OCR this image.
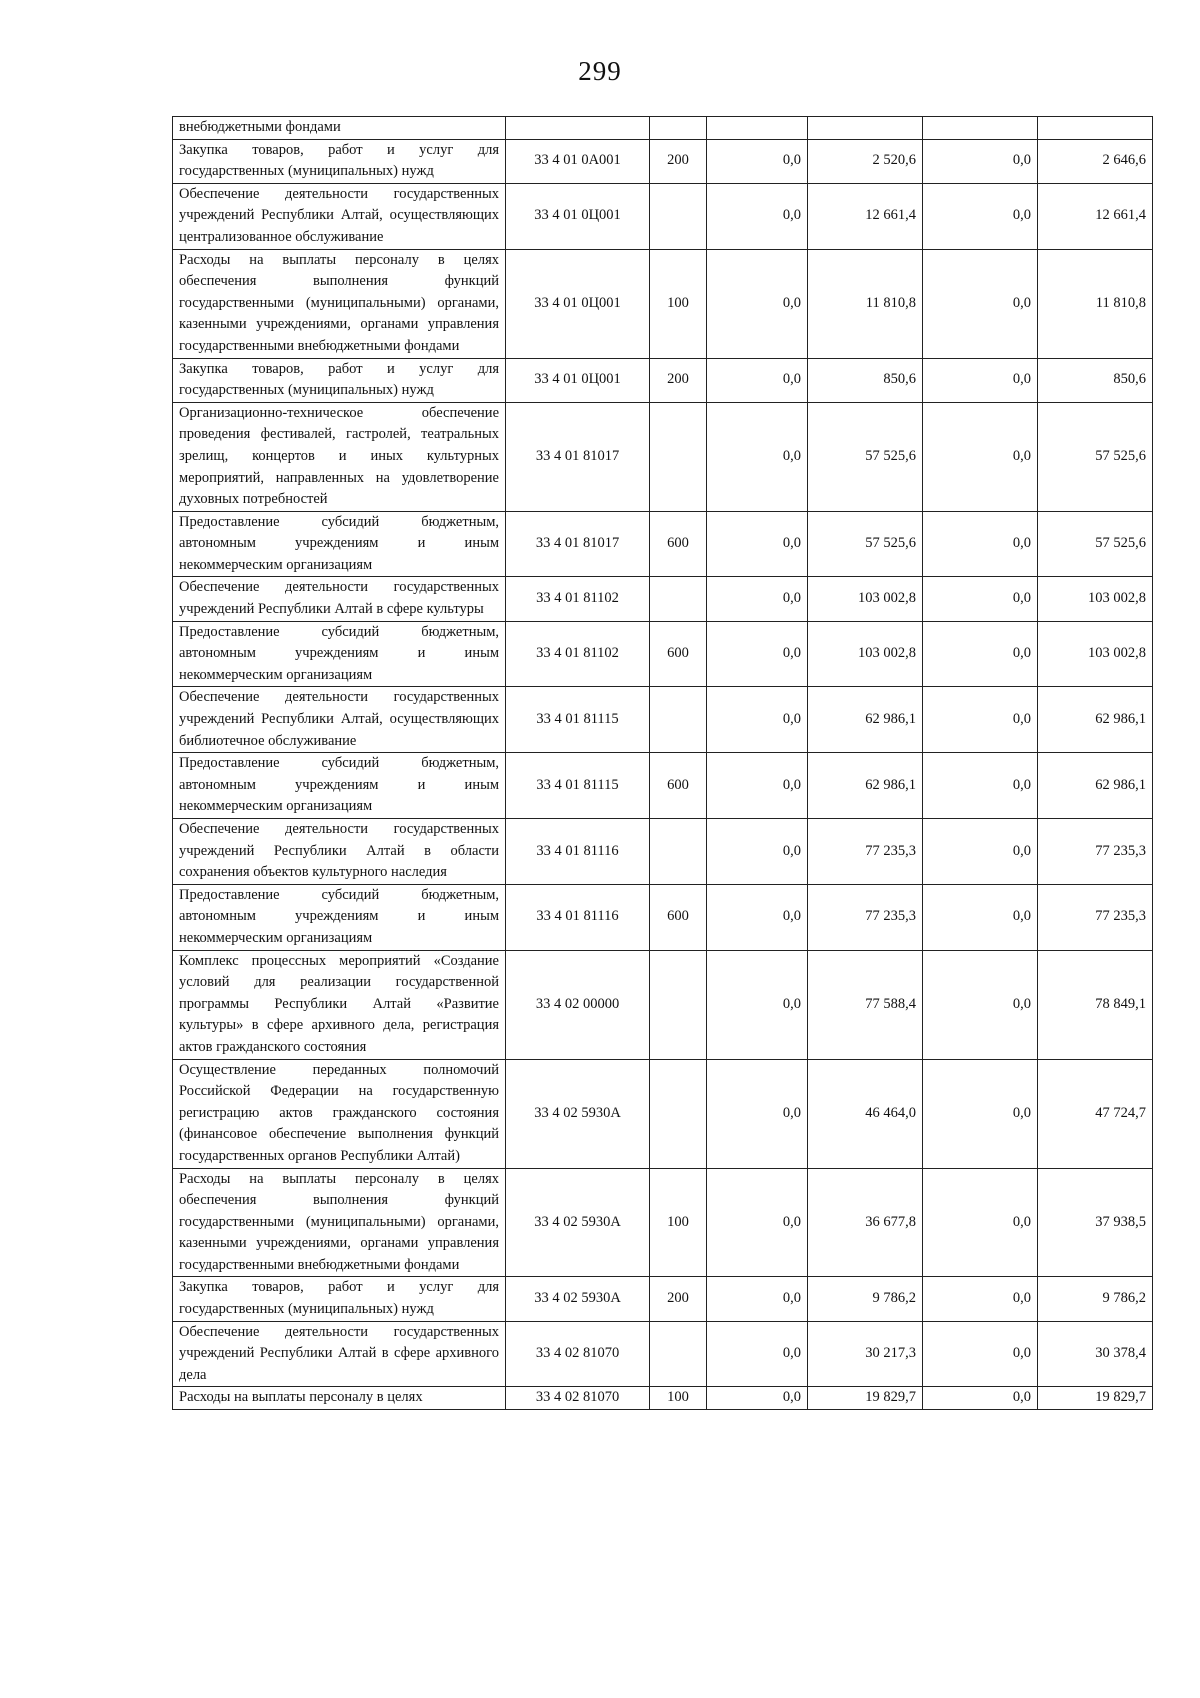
299
внебюджетными фондами						
Закупка товаров, работ и услуг для государственных (муниципальных) нужд	33 4 01 0А001	200	0,0	2 520,6	0,0	2 646,6
Обеспечение деятельности государственных учреждений Республики Алтай, осуществляющих централизованное обслуживание	33 4 01 0Ц001		0,0	12 661,4	0,0	12 661,4
Расходы на выплаты персоналу в целях обеспечения выполнения функций государственными (муниципальными) органами, казенными учреждениями, органами управления государственными внебюджетными фондами	33 4 01 0Ц001	100	0,0	11 810,8	0,0	11 810,8
Закупка товаров, работ и услуг для государственных (муниципальных) нужд	33 4 01 0Ц001	200	0,0	850,6	0,0	850,6
Организационно-техническое обеспечение проведения фестивалей, гастролей, театральных зрелищ, концертов и иных культурных мероприятий, направленных на удовлетворение духовных потребностей	33 4 01 81017		0,0	57 525,6	0,0	57 525,6
Предоставление субсидий бюджетным, автономным учреждениям и иным некоммерческим организациям	33 4 01 81017	600	0,0	57 525,6	0,0	57 525,6
Обеспечение деятельности государственных учреждений Республики Алтай в сфере культуры	33 4 01 81102		0,0	103 002,8	0,0	103 002,8
Предоставление субсидий бюджетным, автономным учреждениям и иным некоммерческим организациям	33 4 01 81102	600	0,0	103 002,8	0,0	103 002,8
Обеспечение деятельности государственных учреждений Республики Алтай, осуществляющих библиотечное обслуживание	33 4 01 81115		0,0	62 986,1	0,0	62 986,1
Предоставление субсидий бюджетным, автономным учреждениям и иным некоммерческим организациям	33 4 01 81115	600	0,0	62 986,1	0,0	62 986,1
Обеспечение деятельности государственных учреждений Республики Алтай в области сохранения объектов культурного наследия	33 4 01 81116		0,0	77 235,3	0,0	77 235,3
Предоставление субсидий бюджетным, автономным учреждениям и иным некоммерческим организациям	33 4 01 81116	600	0,0	77 235,3	0,0	77 235,3
Комплекс процессных мероприятий «Создание условий для реализации государственной программы Республики Алтай «Развитие культуры» в сфере архивного дела, регистрация актов гражданского состояния	33 4 02 00000		0,0	77 588,4	0,0	78 849,1
Осуществление переданных полномочий Российской Федерации на государственную регистрацию актов гражданского состояния (финансовое обеспечение выполнения функций государственных органов Республики Алтай)	33 4 02 5930А		0,0	46 464,0	0,0	47 724,7
Расходы на выплаты персоналу в целях обеспечения выполнения функций государственными (муниципальными) органами, казенными учреждениями, органами управления государственными внебюджетными фондами	33 4 02 5930А	100	0,0	36 677,8	0,0	37 938,5
Закупка товаров, работ и услуг для государственных (муниципальных) нужд	33 4 02 5930А	200	0,0	9 786,2	0,0	9 786,2
Обеспечение деятельности государственных учреждений Республики Алтай в сфере архивного дела	33 4 02 81070		0,0	30 217,3	0,0	30 378,4
Расходы на выплаты персоналу в целях	33 4 02 81070	100	0,0	19 829,7	0,0	19 829,7
